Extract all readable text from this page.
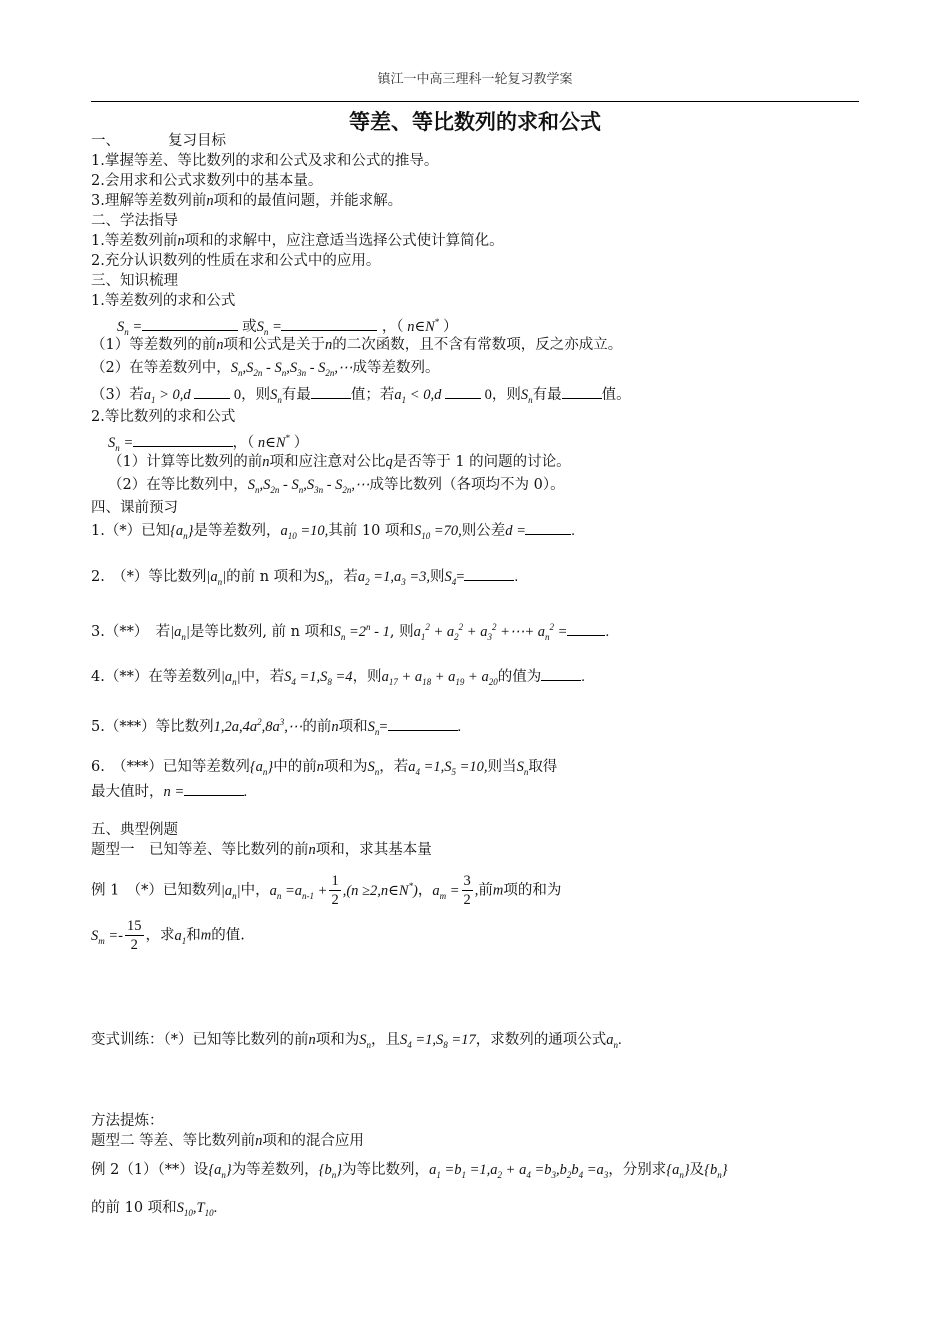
镇江一中高三理科一轮复习教学案
等差、等比数列的求和公式
一、	复习目标
1.掌握等差、等比数列的求和公式及求和公式的推导。
2.会用求和公式求数列中的基本量。
3.理解等差数列前n项和的最值问题，并能求解。
二、学法指导
1.等差数列前n项和的求解中，应注意适当选择公式使计算简化。
2.充分认识数列的性质在求和公式中的应用。
三、知识梳理
1.等差数列的求和公式
$S_n$ =	或$S_n$ =	，（ n∈N* ）
（1）等差数列的前n项和公式是关于n的二次函数，且不含有常数项，反之亦成立。
（2）在等差数列中，$S_n,S_{2n} - S_n,S_{3n}$ - $S_{2n},\cdots$成等差数列。
（3）若$a_1 > 0,d$  0，则$S_n$有最	值；若$a_1 < 0,d$  0，则$S_n$有最	值。
2.等比数列的求和公式
$S_n$ =	，（ n∈N* ）
（1）计算等比数列的前n项和应注意对公比q是否等于 1 的问题的讨论。
（2）在等比数列中，$S_n,S_{2n} - S_n,S_{3n}$ - $S_{2n},\cdots$成等比数列（各项均不为 0）。
四、课前预习
1.（*）已知$\{a_n\}$是等差数列，$a_{10} =10$,其前 10 项和$S_{10} =70$,则公差d =	.
2.　（*）等比数列$|a_n|$的前 n 项和为$S_n$，若$a_2 =1,a_3 =3$,则$S_4=$	.
3.（**）　若$|a_n|$是等比数列, 前 n 项和$S_n =2^n - 1$, 则$a_1^2 + a_2^2 + a_3^2$ +⋯+ $a_n^2$ =	.
4.（**）在等差数列$|a_n|$中，若$S_4 =1,S_8 =4$，则$a_{17} + a_{18} + a_{19} + a_{20}$的值为	.
5.（***）等比数列$1,2a,4a^2,8a^3,\cdots$的前n项和$S_n=$	.
6.　（***）已知等差数列$\{a_n\}$中的前n项和为$S_n$，若$a_4 =1,S_5 =10$,则当$S_n$取得
最大值时，n =	.
五、典型例题
题型一　已知等差、等比数列的前n项和，求其基本量
例 1　（*）已知数列$|a_n|$中，$a_n =a_{n-1} + \frac{1}{2} ,(n$ ≥2,n∈N*)，$a_m = \frac{3}{2}$ ,前m项的和为
$S_m =- \frac{15}{2}$ ，求$a_1$和m的值.
变式训练：（*）已知等比数列的前n项和为$S_n$，且$S_4 =1,S_8 =17$，求数列的通项公式$a_n$.
方法提炼：
题型二 等差、等比数列前n项和的混合应用
例 2（1）（**）设$\{a_n\}$为等差数列，$\{b_n\}$为等比数列，$a_1 =b_1 =1,a_2 + a_4 =b_3,b_2b_4 =a_3$，分别求$\{a_n\}$及$\{b_n\}$
的前 10 项和$S_{10},T_{10}$.
